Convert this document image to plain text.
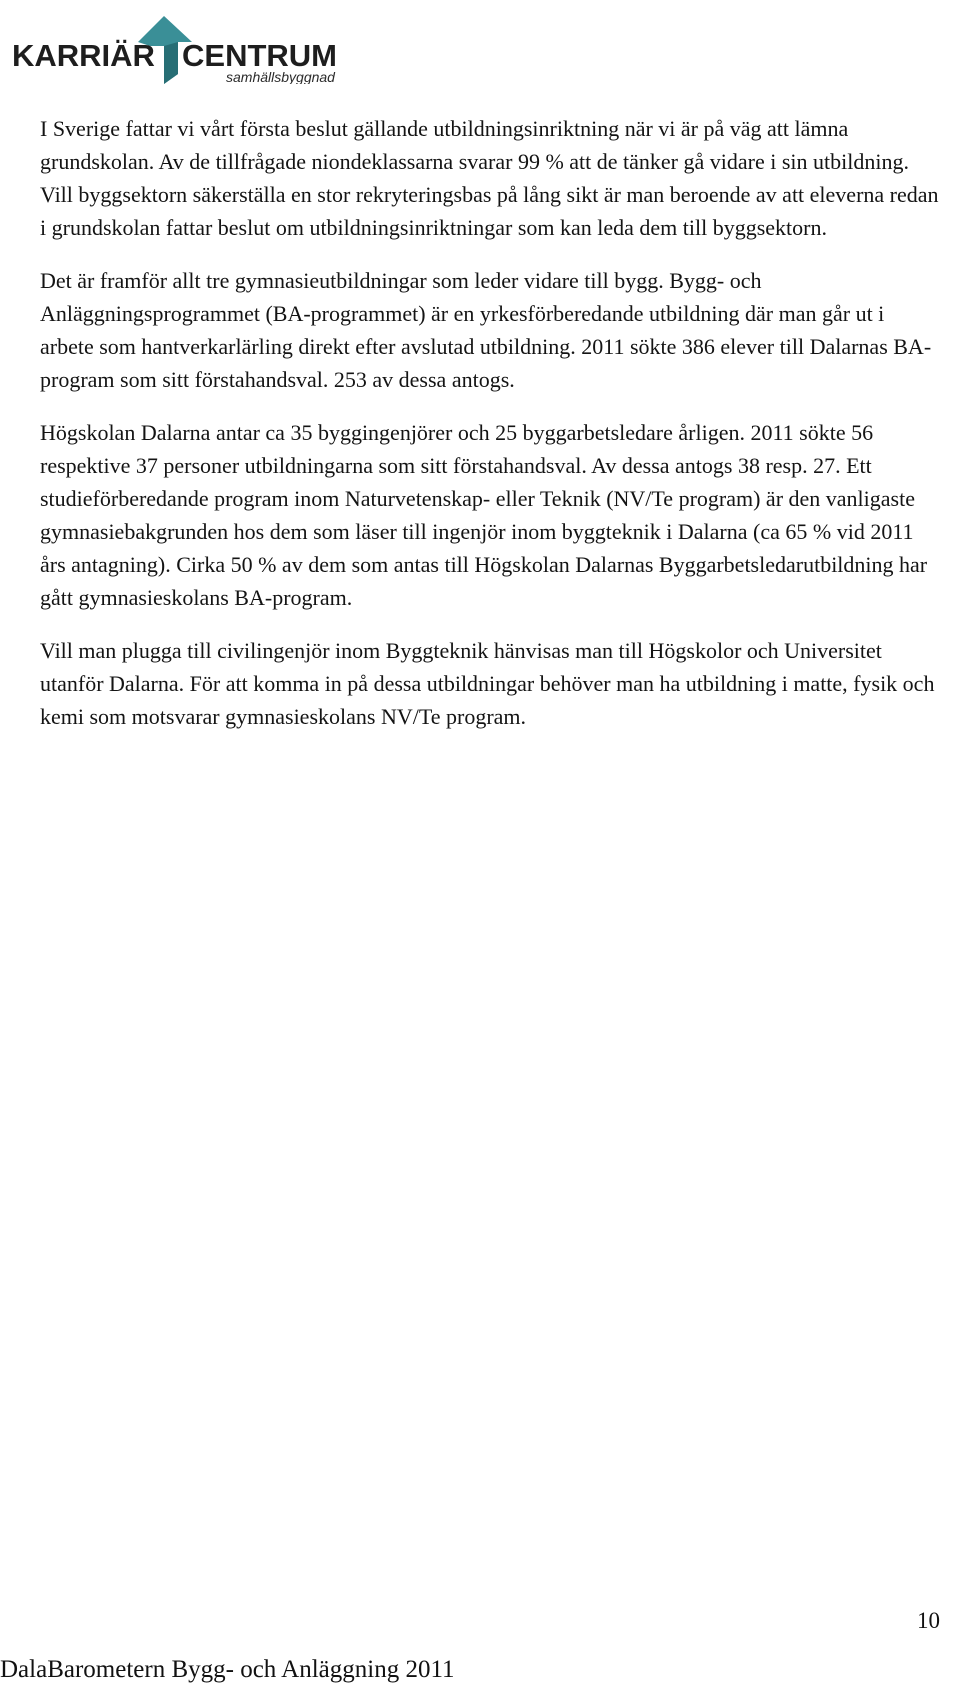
KARRIÄR CENTRUM
samhällsbyggnad

I Sverige fattar vi vårt första beslut gällande utbildningsinriktning när vi är på väg att lämna grundskolan. Av de tillfrågade niondeklassarna svarar 99 % att de tänker gå vidare i sin utbildning. Vill byggsektorn säkerställa en stor rekryteringsbas på lång sikt är man beroende av att eleverna redan i grundskolan fattar beslut om utbildningsinriktningar som kan leda dem till byggsektorn.

Det är framför allt tre gymnasieutbildningar som leder vidare till bygg. Bygg- och Anläggningsprogrammet (BA-programmet) är en yrkesförberedande utbildning där man går ut i arbete som hantverkarlärling direkt efter avslutad utbildning. 2011 sökte 386 elever till Dalarnas BA-program som sitt förstahandsval. 253 av dessa antogs.

Högskolan Dalarna antar ca 35 byggingenjörer och 25 byggarbetsledare årligen. 2011 sökte 56 respektive 37 personer utbildningarna som sitt förstahandsval. Av dessa antogs 38 resp. 27. Ett studieförberedande program inom Naturvetenskap- eller Teknik (NV/Te program) är den vanligaste gymnasiebakgrunden hos dem som läser till ingenjör inom byggteknik i Dalarna (ca 65 % vid 2011 års antagning). Cirka 50 % av dem som antas till Högskolan Dalarnas Byggarbetsledarutbildning har gått gymnasieskolans BA-program.

Vill man plugga till civilingenjör inom Byggteknik hänvisas man till Högskolor och Universitet utanför Dalarna. För att komma in på dessa utbildningar behöver man ha utbildning i matte, fysik och kemi som motsvarar gymnasieskolans NV/Te program.

10
DalaBarometern Bygg- och Anläggning 2011
